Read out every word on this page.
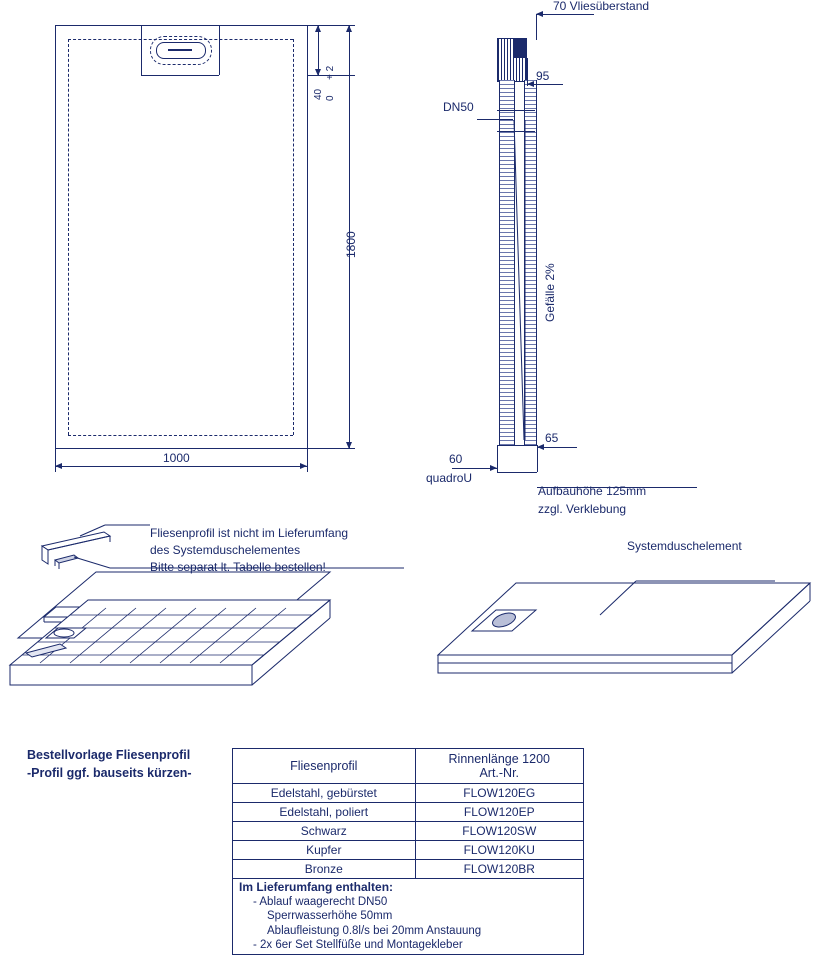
40
+ 2
0
1800
1000
70 Vliesüberstand
95
DN50
Gefälle 2%
65
60
quadroU
Aufbauhöhe 125mm
zzgl. Verklebung
Fliesenprofil ist nicht im Lieferumfang
des Systemduschelementes
Bitte separat lt. Tabelle bestellen!
Bestellvorlage Fliesenprofil
-Profil ggf. bauseits kürzen-
Systemduschelement
Fliesenprofil	Rinnenlänge 1200
Art.-Nr.

Edelstahl, gebürstet	FLOW120EG
Edelstahl, poliert	FLOW120EP
Schwarz	FLOW120SW
Kupfer	FLOW120KU
Bronze	FLOW120BR
Im Lieferumfang enthalten:
- Ablauf waagerecht DN50
Sperrwasserhöhe 50mm
Ablaufleistung 0.8l/s bei 20mm Anstauung
- 2x 6er Set Stellfüße und Montagekleber
